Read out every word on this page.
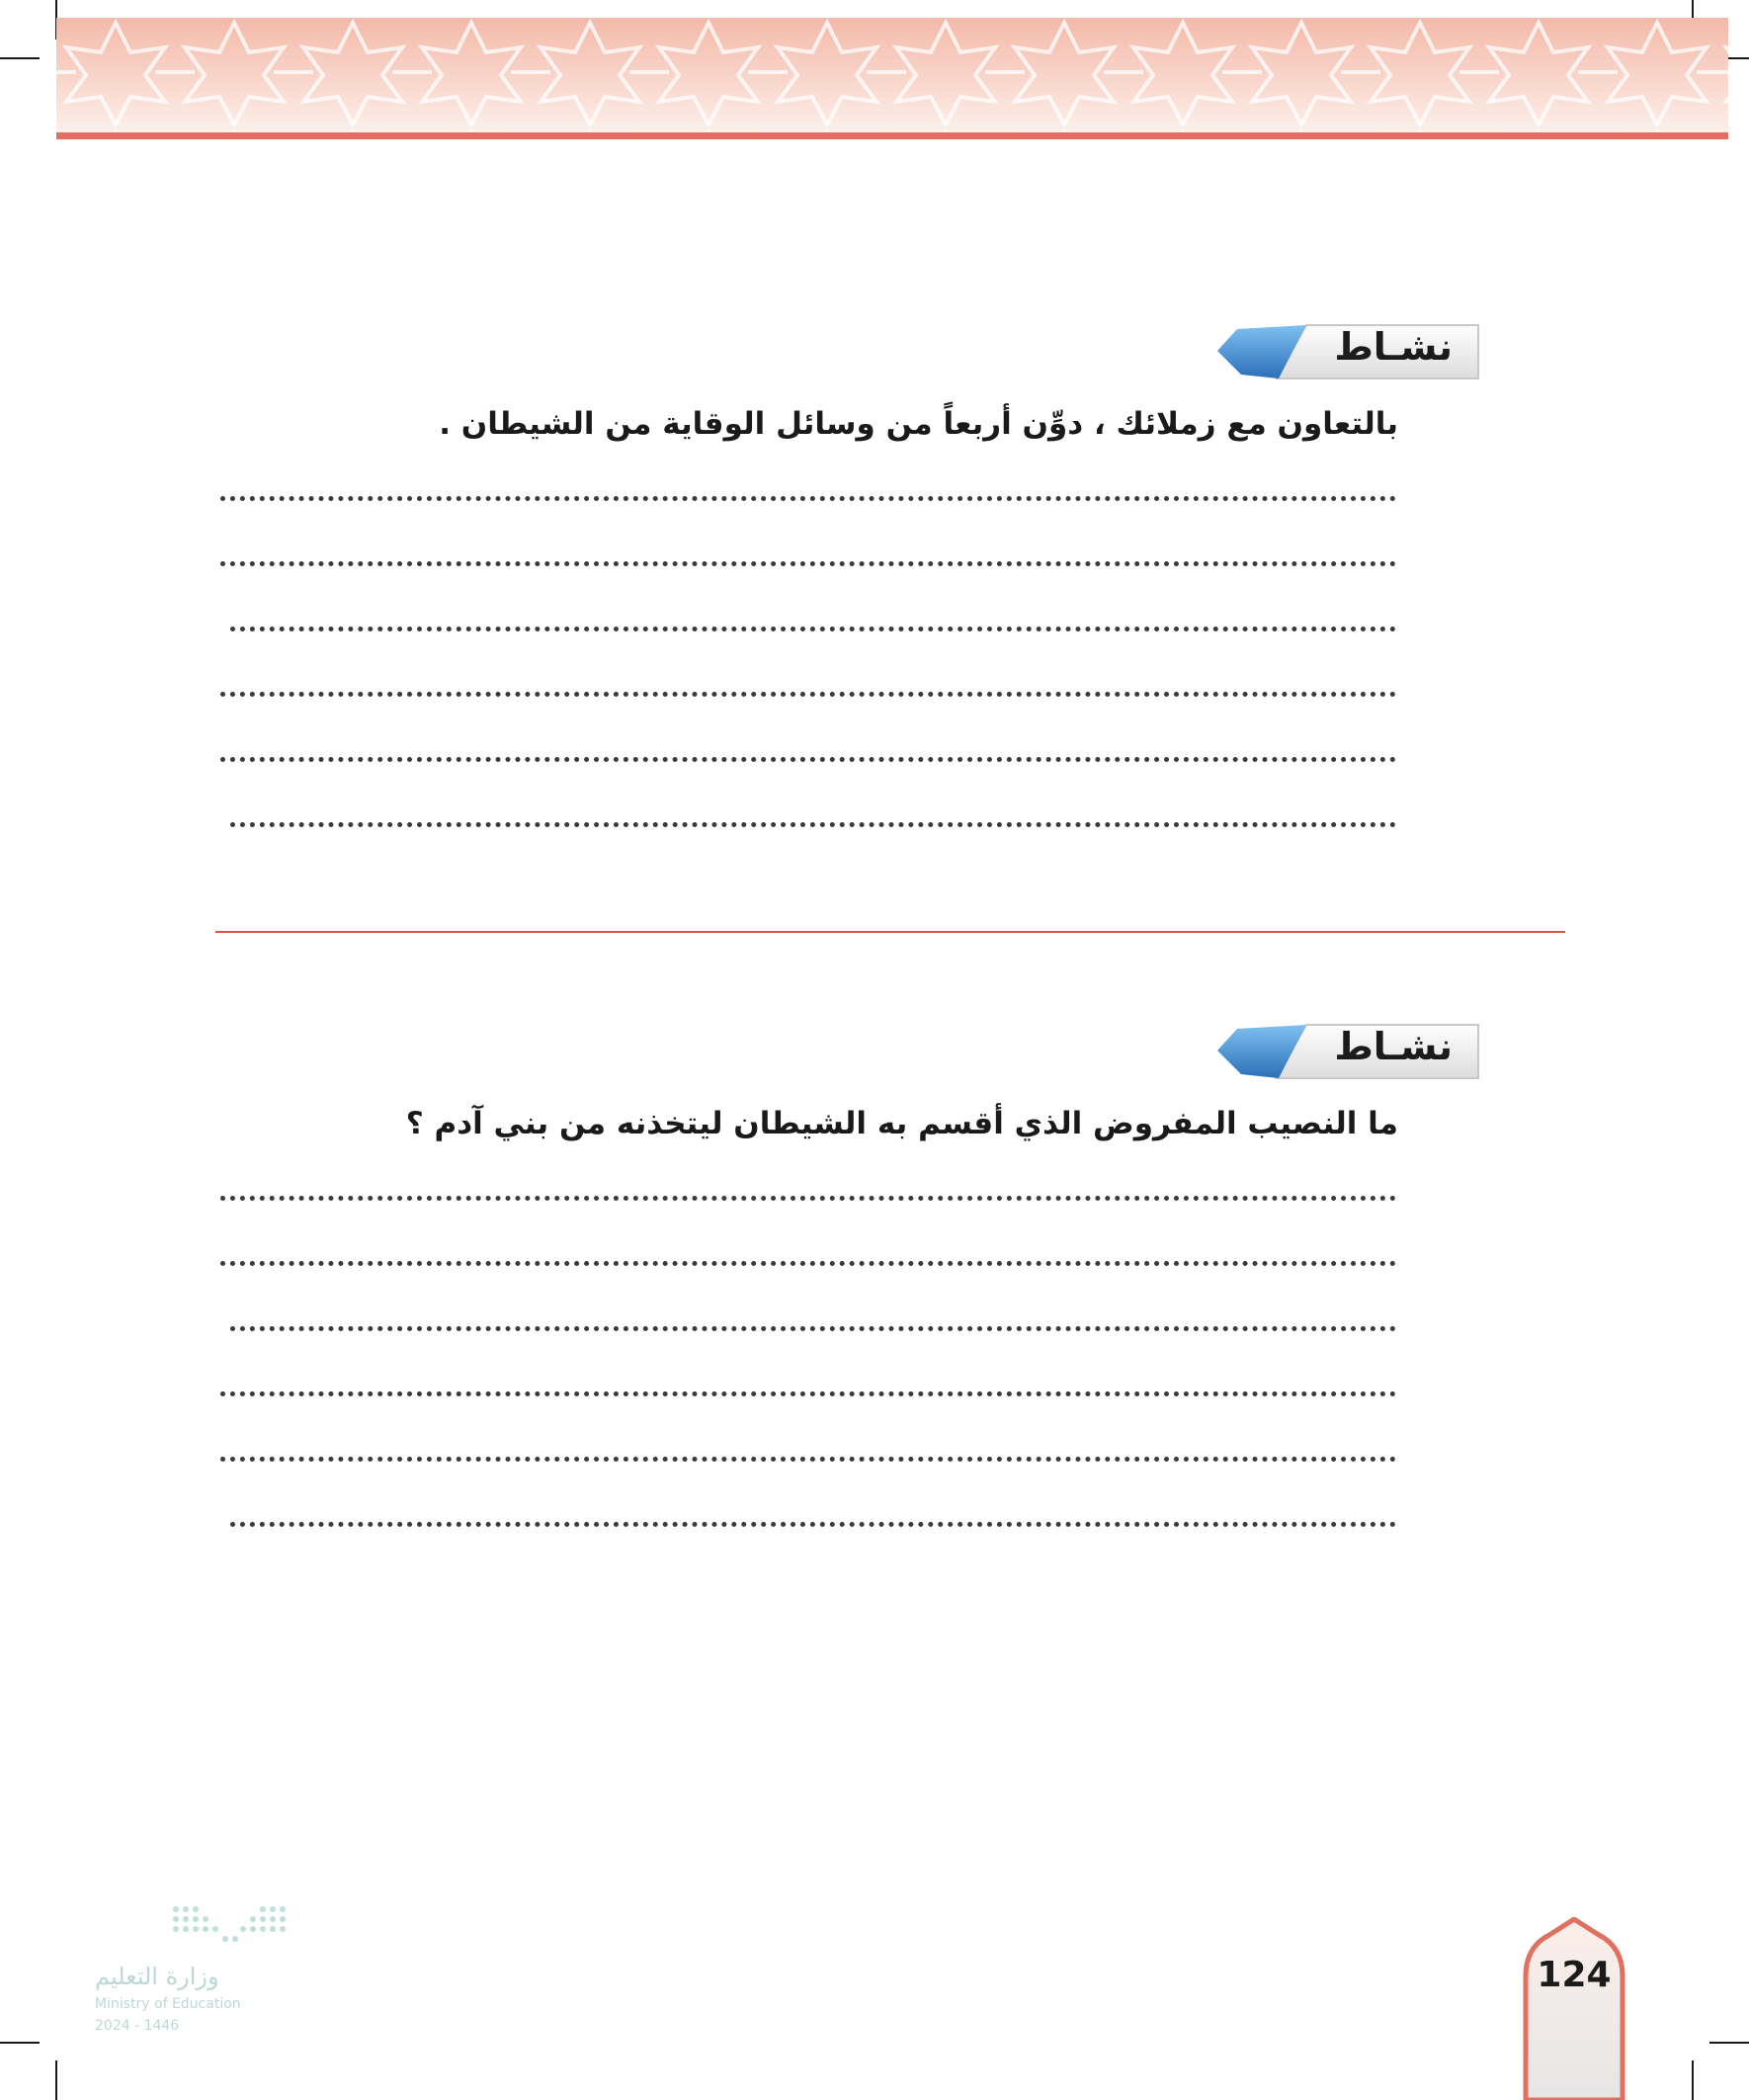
نشـاط
بالتعاون مع زملائك ، دوِّن أربعاً من وسائل الوقاية من الشيطان .
نشـاط
ما النصيب المفروض الذي أقسم به الشيطان ليتخذنه من بني آدم ؟
وزارة التعليم
Ministry of Education
2024 - 1446
124
